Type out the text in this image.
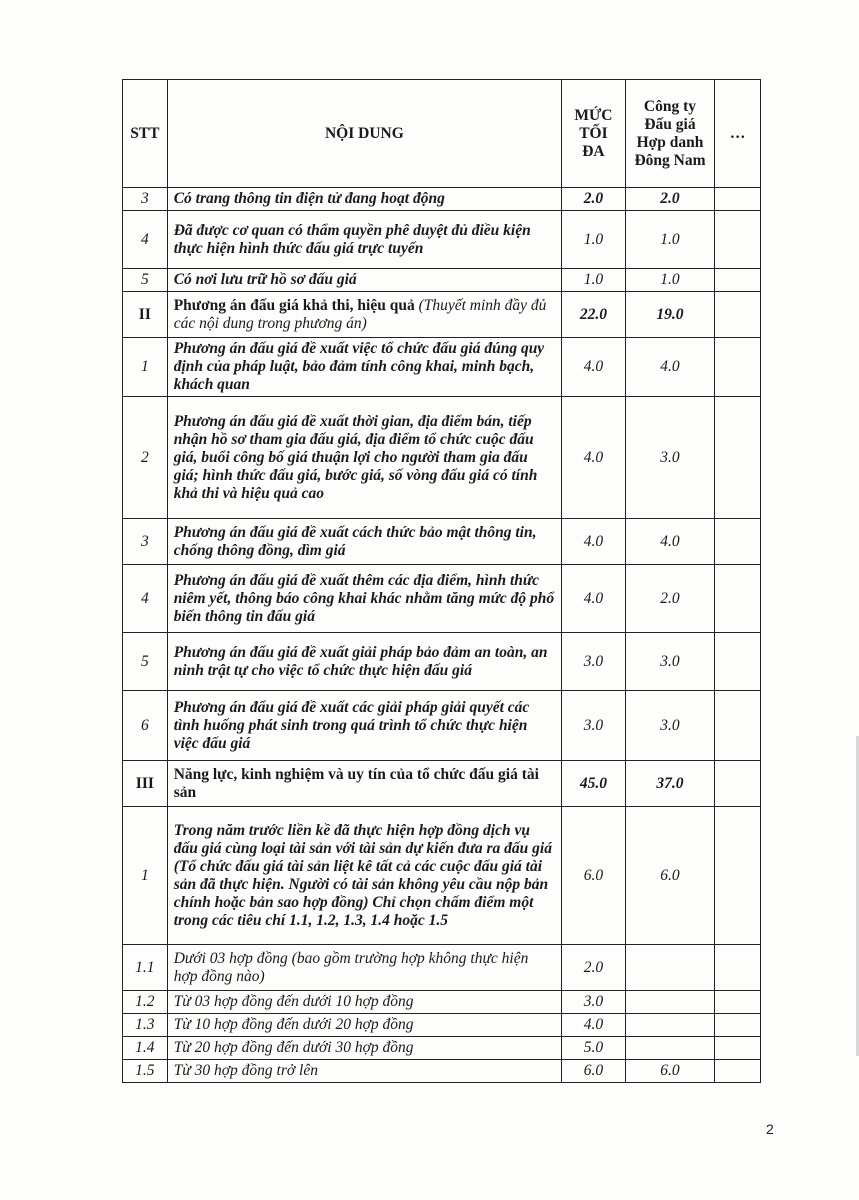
STT	NỘI DUNG	MỨC TỐI ĐA	Công ty Đấu giá Hợp danh Đông Nam	…
3	Có trang thông tin điện tử đang hoạt động	2.0	2.0	
4	Đã được cơ quan có thẩm quyền phê duyệt đủ điều kiện thực hiện hình thức đấu giá trực tuyến	1.0	1.0	
5	Có nơi lưu trữ hồ sơ đấu giá	1.0	1.0	
II	Phương án đấu giá khả thi, hiệu quả (Thuyết minh đầy đủ các nội dung trong phương án)	22.0	19.0	
1	Phương án đấu giá đề xuất việc tổ chức đấu giá đúng quy định của pháp luật, bảo đảm tính công khai, minh bạch, khách quan	4.0	4.0	
2	Phương án đấu giá đề xuất thời gian, địa điểm bán, tiếp nhận hồ sơ tham gia đấu giá, địa điểm tổ chức cuộc đấu giá, buổi công bố giá thuận lợi cho người tham gia đấu giá; hình thức đấu giá, bước giá, số vòng đấu giá có tính khả thi và hiệu quả cao	4.0	3.0	
3	Phương án đấu giá đề xuất cách thức bảo mật thông tin, chống thông đồng, dìm giá	4.0	4.0	
4	Phương án đấu giá đề xuất thêm các địa điểm, hình thức niêm yết, thông báo công khai khác nhằm tăng mức độ phổ biến thông tin đấu giá	4.0	2.0	
5	Phương án đấu giá đề xuất giải pháp bảo đảm an toàn, an ninh trật tự cho việc tổ chức thực hiện đấu giá	3.0	3.0	
6	Phương án đấu giá đề xuất các giải pháp giải quyết các tình huống phát sinh trong quá trình tổ chức thực hiện việc đấu giá	3.0	3.0	
III	Năng lực, kinh nghiệm và uy tín của tổ chức đấu giá tài sản	45.0	37.0	
1	Trong năm trước liền kề đã thực hiện hợp đồng dịch vụ đấu giá cùng loại tài sản với tài sản dự kiến đưa ra đấu giá (Tổ chức đấu giá tài sản liệt kê tất cả các cuộc đấu giá tài sản đã thực hiện. Người có tài sản không yêu cầu nộp bản chính hoặc bản sao hợp đồng) Chỉ chọn chấm điểm một trong các tiêu chí 1.1, 1.2, 1.3, 1.4 hoặc 1.5	6.0	6.0	
1.1	Dưới 03 hợp đồng (bao gồm trường hợp không thực hiện hợp đồng nào)	2.0		
1.2	Từ 03 hợp đồng đến dưới 10 hợp đồng	3.0		
1.3	Từ 10 hợp đồng đến dưới 20 hợp đồng	4.0		
1.4	Từ 20 hợp đồng đến dưới 30 hợp đồng	5.0		
1.5	Từ 30 hợp đồng trở lên	6.0	6.0	
2
